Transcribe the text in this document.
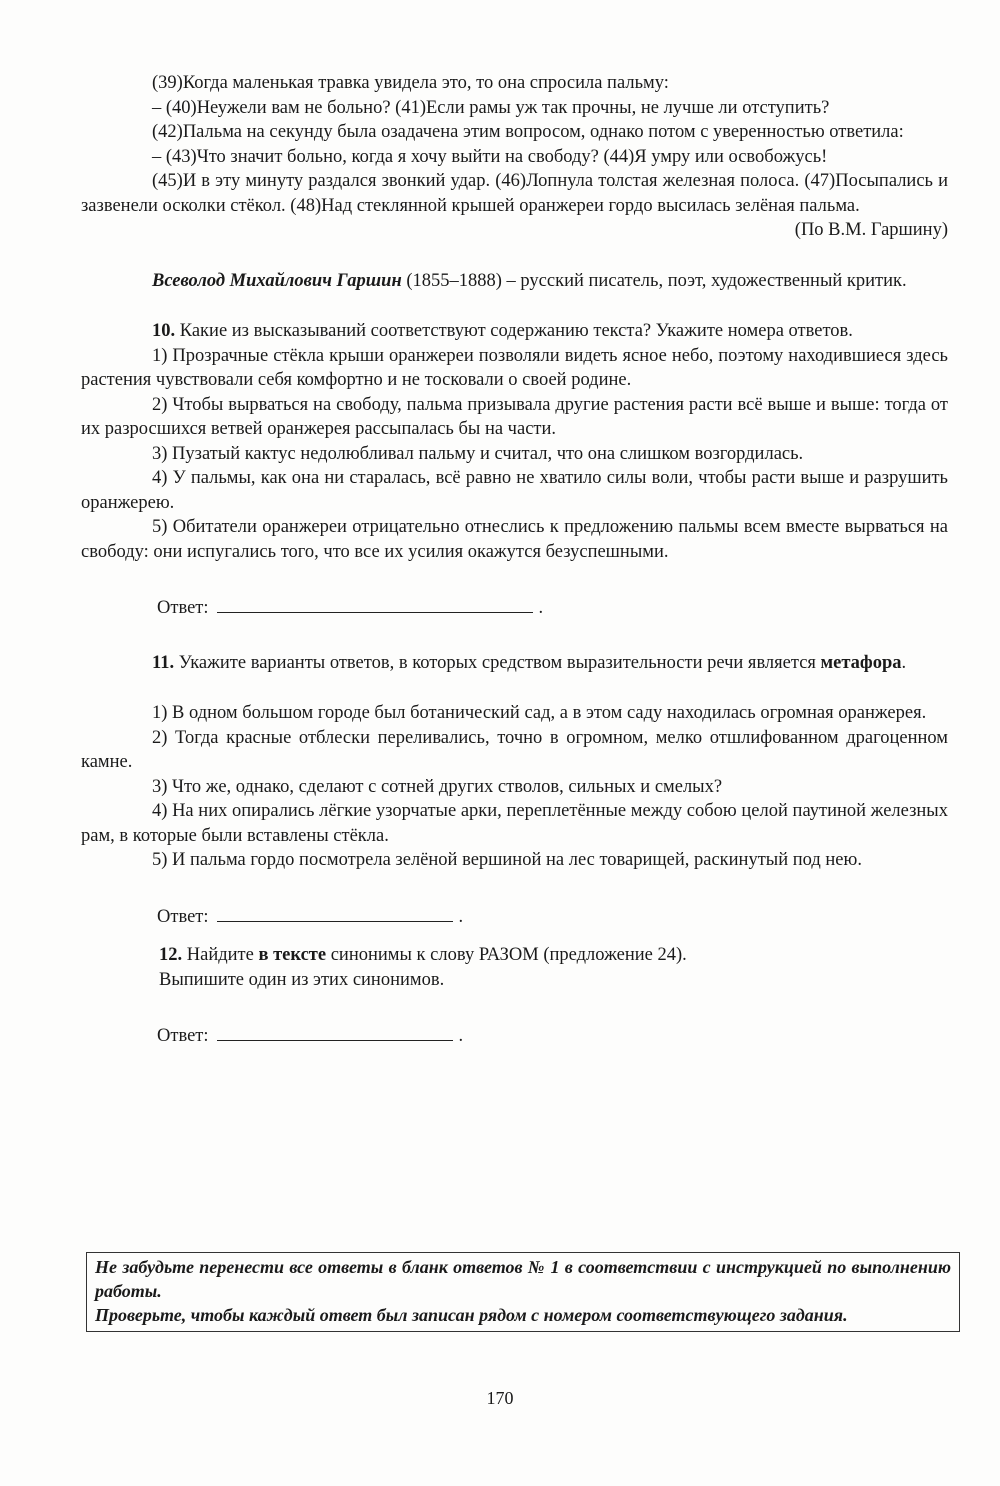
(39)Когда маленькая травка увидела это, то она спросила пальму:

– (40)Неужели вам не больно? (41)Если рамы уж так прочны, не лучше ли отступить?

(42)Пальма на секунду была озадачена этим вопросом, однако потом с уверенностью ответила:

– (43)Что значит больно, когда я хочу выйти на свободу? (44)Я умру или освобожусь!

(45)И в эту минуту раздался звонкий удар. (46)Лопнула толстая железная полоса. (47)Посыпались и зазвенели осколки стёкол. (48)Над стеклянной крышей оранжереи гордо высилась зелёная пальма.

(По В.М. Гаршину)

Всеволод Михайлович Гаршин (1855–1888) – русский писатель, поэт, художественный критик.

10. Какие из высказываний соответствуют содержанию текста? Укажите номера ответов.

1) Прозрачные стёкла крыши оранжереи позволяли видеть ясное небо, поэтому находившиеся здесь растения чувствовали себя комфортно и не тосковали о своей родине.

2) Чтобы вырваться на свободу, пальма призывала другие растения расти всё выше и выше: тогда от их разросшихся ветвей оранжерея рассыпалась бы на части.

3) Пузатый кактус недолюбливал пальму и считал, что она слишком возгордилась.

4) У пальмы, как она ни старалась, всё равно не хватило силы воли, чтобы расти выше и разрушить оранжерею.

5) Обитатели оранжереи отрицательно отнеслись к предложению пальмы всем вместе вырваться на свободу: они испугались того, что все их усилия окажутся безуспешными.

Ответ:	.

11. Укажите варианты ответов, в которых средством выразительности речи является метафора.

1) В одном большом городе был ботанический сад, а в этом саду находилась огромная оранжерея.

2) Тогда красные отблески переливались, точно в огромном, мелко отшлифованном драгоценном камне.

3) Что же, однако, сделают с сотней других стволов, сильных и смелых?

4) На них опирались лёгкие узорчатые арки, переплетённые между собою целой паутиной железных рам, в которые были вставлены стёкла.

5) И пальма гордо посмотрела зелёной вершиной на лес товарищей, раскинутый под нею.

Ответ:	.

12. Найдите в тексте синонимы к слову РАЗОМ (предложение 24).

Выпишите один из этих синонимов.

Ответ:	.

Не забудьте перенести все ответы в бланк ответов № 1 в соответствии с инструкцией по выполнению работы.

Проверьте, чтобы каждый ответ был записан рядом с номером соответствующего задания.

170
